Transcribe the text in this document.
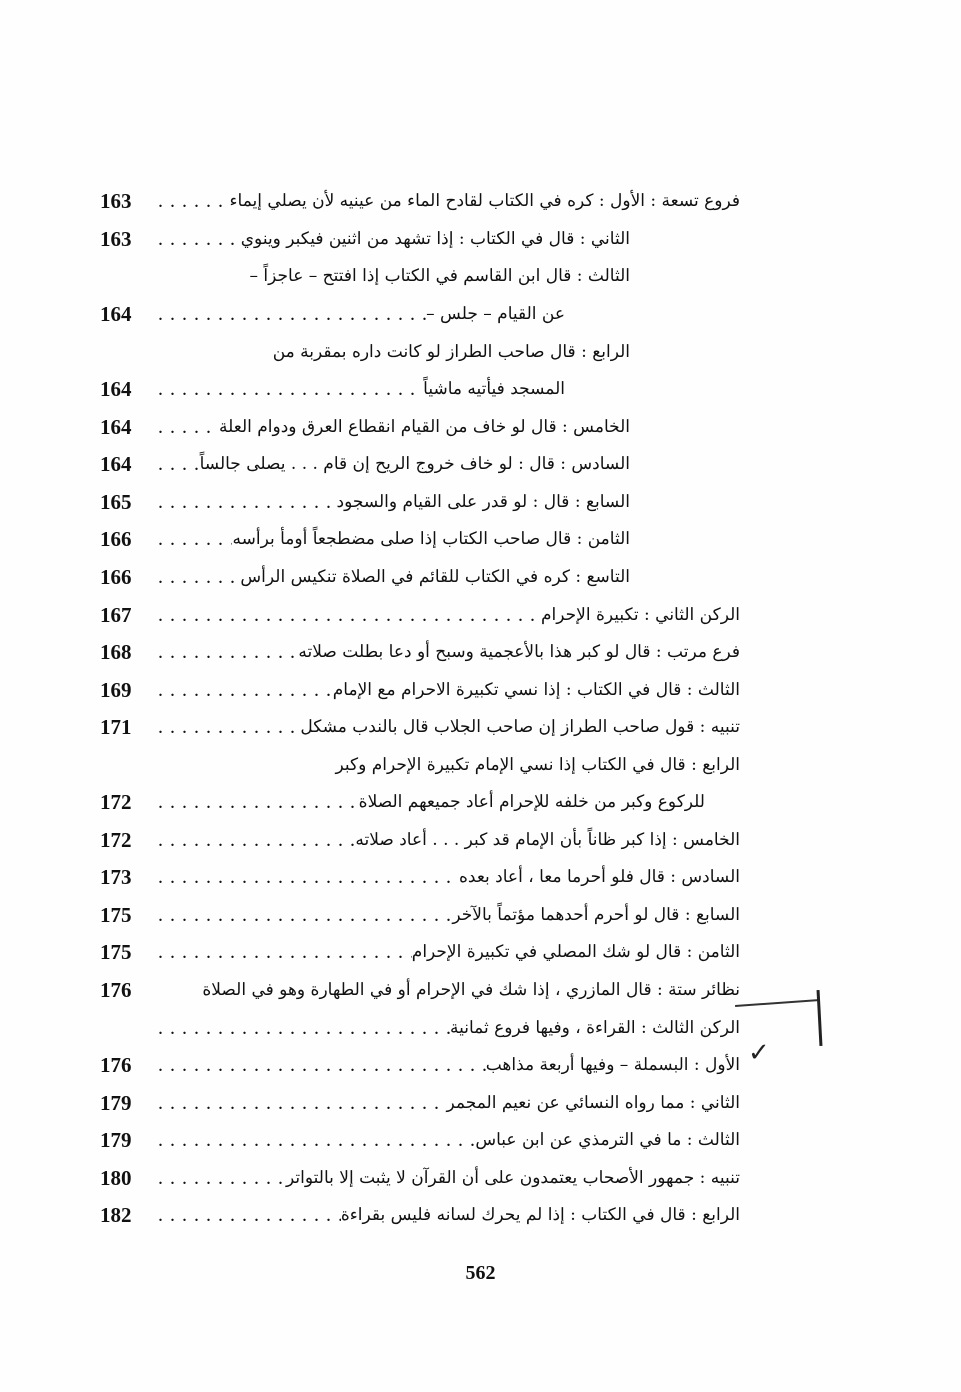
163 . . .	فروع تسعة : الأول : كره في الكتاب لقادح الماء من عينيه لأن يصلي إيماء
163 . . .	الثاني : قال في الكتاب : إذا تشهد من اثنين فيكبر وينوي
الثالث : قال ابن القاسم في الكتاب إذا افتتح – عاجزاً –
164 . . .	عن القيام – جلس –
الرابع : قال صاحب الطراز لو كانت داره بمقربة من
164 . . .	المسجد فيأتيه ماشياً
164 . . .	الخامس : قال لو خاف من القيام انقطاع العرق ودوام العلة
164 . . .	السادس : قال : لو خاف خروج الريح إن قام . . . يصلى جالساً
165 . . .	السابع : قال : لو قدر على القيام والسجود
166 . . .	الثامن : قال صاحب الكتاب إذا صلى مضطجعاً أومأ برأسه
166 . . .	التاسع : كره في الكتاب للقائم في الصلاة تنكيس الرأس
167 . . .	الركن الثاني : تكبيرة الإحرام
168 . . .	فرع مرتب : قال لو كبر هذا بالأعجمية وسبح أو دعا بطلت صلاته
169 . . .	الثالث : قال في الكتاب : إذا نسي تكبيرة الاحرام مع الإمام
171 . . .	تنبيه : قول صاحب الطراز إن صاحب الجلاب قال بالندب مشكل
الرابع : قال في الكتاب إذا نسي الإمام تكبيرة الإحرام وكبر
172 . . .	للركوع وكبر من خلفه للإحرام أعاد جميعهم الصلاة
172 . . .	الخامس : إذا كبر ظاناً بأن الإمام قد كبر . . . أعاد صلاته
173 . . .	السادس : قال فلو أحرما معا ، أعاد بعده
175 . . .	السابع : قال لو أحرم أحدهما مؤتماً بالآخر
175 . . .	الثامن : قال لو شك المصلي في تكبيرة الإحرام
176	نظائر ستة : قال المازري ، إذا شك في الإحرام أو في الطهارة وهو في الصلاة
. . .
الركن الثالث : القراءة ، وفيها فروع ثمانية
176 . . .	الأول : البسملة – وفيها أربعة مذاهب
179 . . .	الثاني : مما رواه النسائي عن نعيم المجمر
179 . . .	الثالث : ما في الترمذي عن ابن عباس
180 . . .	تنبيه : جمهور الأصحاب يعتمدون على أن القرآن لا يثبت إلا بالتواتر
182 . . .	الرابع : قال في الكتاب : إذا لم يحرك لسانه فليس بقراءة
✓
562
